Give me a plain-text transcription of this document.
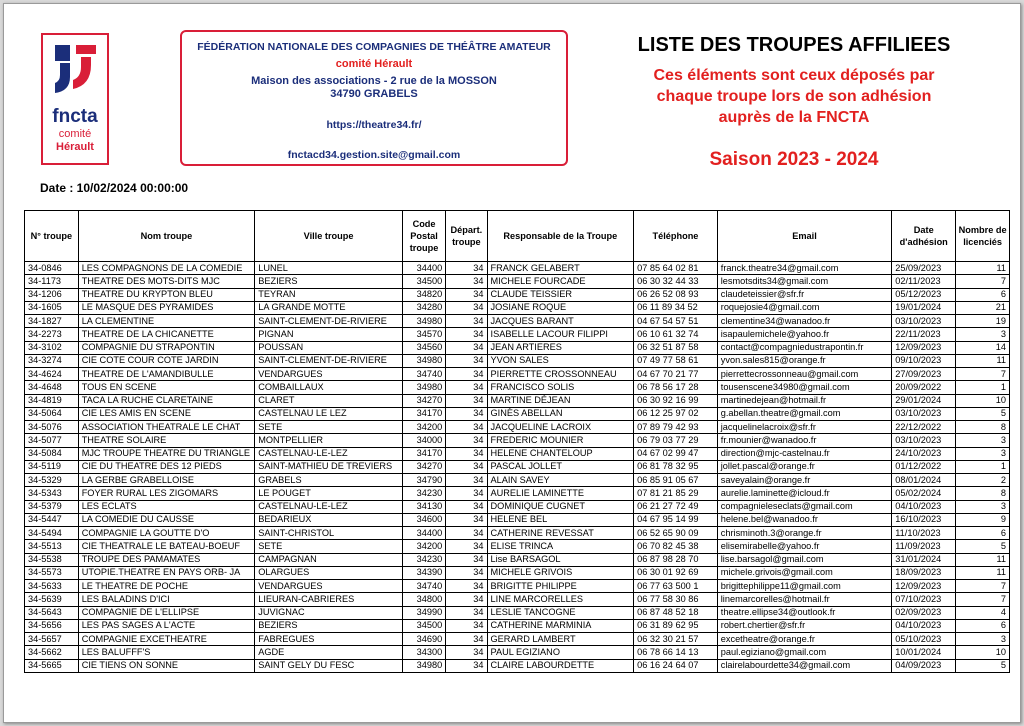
fncta
comité
Hérault
FÉDÉRATION NATIONALE DES COMPAGNIES DE THÉÂTRE AMATEUR
comité Hérault
Maison des associations - 2 rue de la MOSSON
34790 GRABELS
https://theatre34.fr/
fnctacd34.gestion.site@gmail.com
LISTE DES TROUPES AFFILIEES
Ces éléments sont ceux déposés par
chaque troupe lors de son adhésion
auprès de la FNCTA
Saison 2023 - 2024
Date : 10/02/2024 00:00:00
N° troupe	Nom troupe	Ville troupe	Code Postal troupe	Départ. troupe	Responsable de la Troupe	Téléphone	Email	Date d'adhésion	Nombre de licenciés
34-0846	LES COMPAGNONS DE LA COMEDIE	LUNEL	34400	34	FRANCK GELABERT	07 85 64 02 81	franck.theatre34@gmail.com	25/09/2023	11
34-1173	THEATRE DES MOTS-DITS MJC	BEZIERS	34500	34	MICHELE FOURCADE	06 30 32 44 33	lesmotsdits34@gmail.com	02/11/2023	7
34-1206	THEATRE DU KRYPTON BLEU	TEYRAN	34820	34	CLAUDE TEISSIER	06 26 52 08 93	claudeteissier@sfr.fr	05/12/2023	6
34-1605	LE MASQUE DES PYRAMIDES	LA GRANDE MOTTE	34280	34	JOSIANE ROQUE	06 11 89 34 52	roquejosie4@gmail.com	19/01/2024	21
34-1827	LA CLEMENTINE	SAINT-CLEMENT-DE-RIVIERE	34980	34	JACQUES BARANT	04 67 54 57 51	clementine34@wanadoo.fr	03/10/2023	19
34-2273	THEATRE DE LA CHICANETTE	PIGNAN	34570	34	ISABELLE LACOUR FILIPPI	06 10 61 32 74	isapaulemichele@yahoo.fr	22/11/2023	3
34-3102	COMPAGNIE DU STRAPONTIN	POUSSAN	34560	34	JEAN ARTIERES	06 32 51 87 58	contact@compagniedustrapontin.fr	12/09/2023	14
34-3274	CIE COTE COUR COTE JARDIN	SAINT-CLEMENT-DE-RIVIERE	34980	34	YVON SALES	07 49 77 58 61	yvon.sales815@orange.fr	09/10/2023	11
34-4624	THEATRE DE L'AMANDIBULLE	VENDARGUES	34740	34	PIERRETTE CROSSONNEAU	04 67 70 21 77	pierrettecrossonneau@gmail.com	27/09/2023	7
34-4648	TOUS EN SCENE	COMBAILLAUX	34980	34	FRANCISCO SOLIS	06 78 56 17 28	tousenscene34980@gmail.com	20/09/2022	1
34-4819	TACA LA RUCHE CLARETAINE	CLARET	34270	34	MARTINE DÉJEAN	06 30 92 16 99	martinedejean@hotmail.fr	29/01/2024	10
34-5064	CIE LES AMIS EN SCENE	CASTELNAU LE LEZ	34170	34	GINÈS ABELLAN	06 12 25 97 02	g.abellan.theatre@gmail.com	03/10/2023	5
34-5076	ASSOCIATION THEATRALE LE CHAT	SETE	34200	34	JACQUELINE LACROIX	07 89 79 42 93	jacquelinelacroix@sfr.fr	22/12/2022	8
34-5077	THEATRE SOLAIRE	MONTPELLIER	34000	34	FREDERIC MOUNIER	06 79 03 77 29	fr.mounier@wanadoo.fr	03/10/2023	3
34-5084	MJC TROUPE THEATRE DU TRIANGLE	CASTELNAU-LE-LEZ	34170	34	HELENE CHANTELOUP	04 67 02 99 47	direction@mjc-castelnau.fr	24/10/2023	3
34-5119	CIE DU THEATRE DES 12 PIEDS	SAINT-MATHIEU DE TREVIERS	34270	34	PASCAL JOLLET	06 81 78 32 95	jollet.pascal@orange.fr	01/12/2022	1
34-5329	LA GERBE GRABELLOISE	GRABELS	34790	34	ALAIN SAVEY	06 85 91 05 67	saveyalain@orange.fr	08/01/2024	2
34-5343	FOYER RURAL LES ZIGOMARS	LE POUGET	34230	34	AURELIE LAMINETTE	07 81 21 85 29	aurelie.laminette@icloud.fr	05/02/2024	8
34-5379	LES ECLATS	CASTELNAU-LE-LEZ	34130	34	DOMINIQUE CUGNET	06 21 27 72 49	compagnieleseclats@gmail.com	04/10/2023	3
34-5447	LA COMEDIE DU CAUSSE	BEDARIEUX	34600	34	HELENE BEL	04 67 95 14 99	helene.bel@wanadoo.fr	16/10/2023	9
34-5494	COMPAGNIE LA GOUTTE D'O	SAINT-CHRISTOL	34400	34	CATHERINE REVESSAT	06 52 65 90 09	chrisminoth.3@orange.fr	11/10/2023	6
34-5513	CIE THEATRALE LE BATEAU-BOEUF	SETE	34200	34	ELISE TRINCA	06 70 82 45 38	elisemirabelle@yahoo.fr	11/09/2023	5
34-5538	TROUPE DES PAMAMATES	CAMPAGNAN	34230	34	Lise BARSAGOL	06 87 98 28 70	lise.barsagol@gmail.com	31/01/2024	11
34-5573	UTOPIE.THEATRE EN PAYS ORB- JA	OLARGUES	34390	34	MICHELE GRIVOIS	06 30 01 92 69	michele.grivois@gmail.com	18/09/2023	11
34-5633	LE THEATRE DE POCHE	VENDARGUES	34740	34	BRIGITTE PHILIPPE	06 77 63 500 1	brigittephilippe11@gmail.com	12/09/2023	7
34-5639	LES BALADINS D'ICI	LIEURAN-CABRIERES	34800	34	LINE MARCORELLES	06 77 58 30 86	linemarcorelles@hotmail.fr	07/10/2023	7
34-5643	COMPAGNIE DE L'ELLIPSE	JUVIGNAC	34990	34	LESLIE TANCOGNE	06 87 48 52 18	theatre.ellipse34@outlook.fr	02/09/2023	4
34-5656	LES PAS SAGES A L'ACTE	BEZIERS	34500	34	CATHERINE MARMINIA	06 31 89 62 95	robert.chertier@sfr.fr	04/10/2023	6
34-5657	COMPAGNIE EXCETHEATRE	FABREGUES	34690	34	GERARD LAMBERT	06 32 30 21 57	excetheatre@orange.fr	05/10/2023	3
34-5662	LES BALUFFF'S	AGDE	34300	34	PAUL EGIZIANO	06 78 66 14 13	paul.egiziano@gmail.com	10/01/2024	10
34-5665	CIE TIENS ON SONNE	SAINT GELY DU FESC	34980	34	CLAIRE LABOURDETTE	06 16 24 64 07	clairelabourdette34@gmail.com	04/09/2023	5
